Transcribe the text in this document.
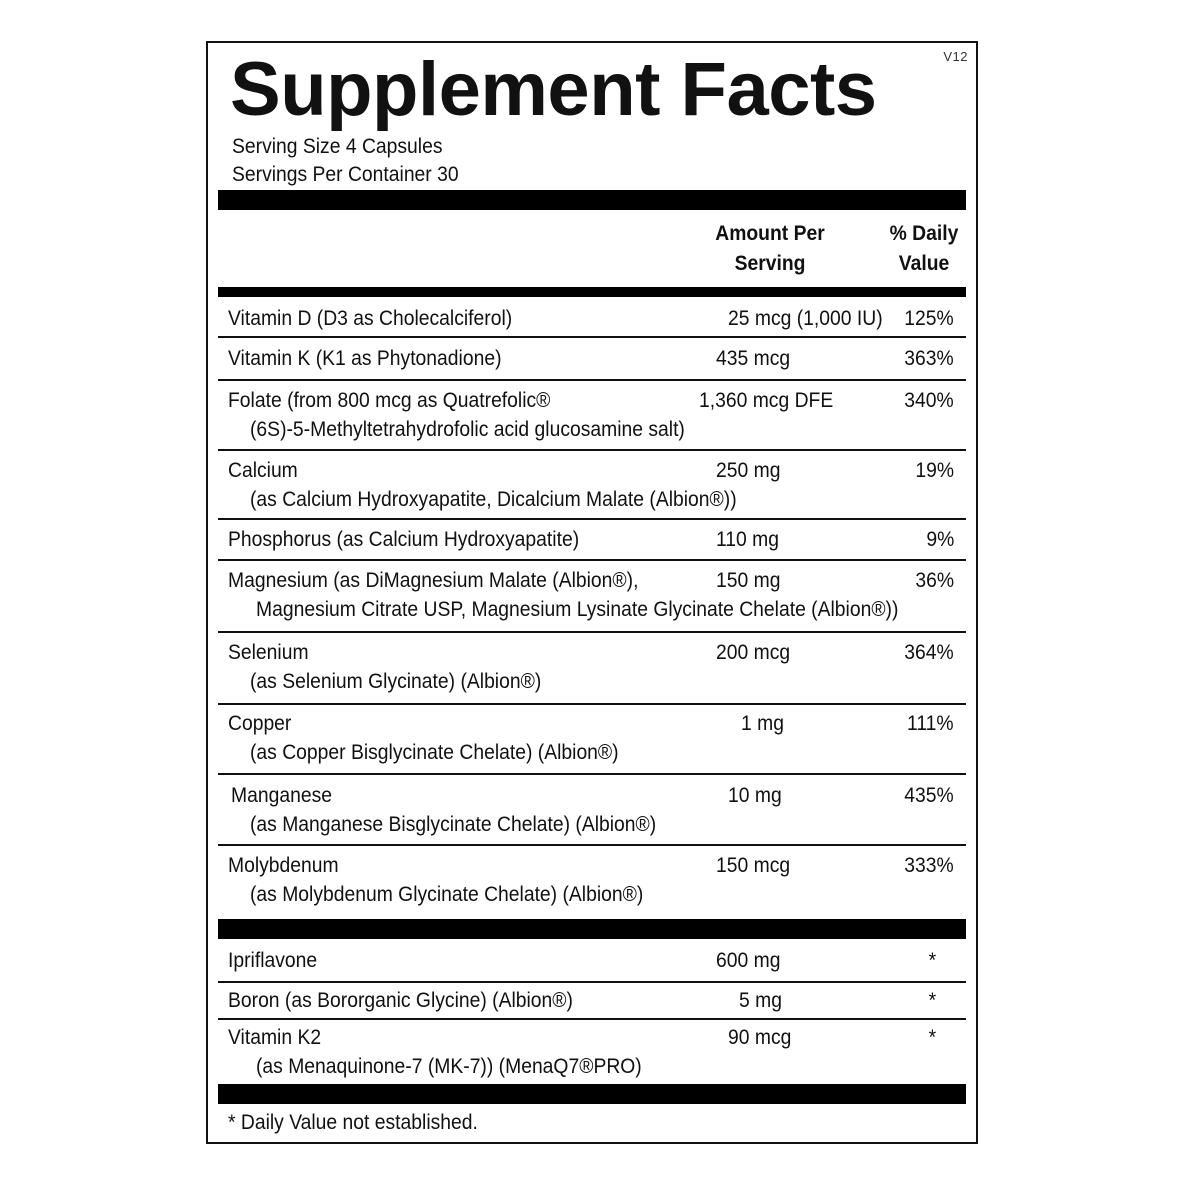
V12
Supplement Facts
Serving Size 4 Capsules
Servings Per Container 30
Amount Per
Serving
% Daily
Value
Vitamin D (D3 as Cholecalciferol)	25 mcg (1,000 IU) 125%
Vitamin K (K1 as Phytonadione)	435 mcg	363%
Folate (from 800 mcg as Quatrefolic®
(6S)-5-Methyltetrahydrofolic acid glucosamine salt)
1,360 mcg DFE	340%
Calcium
(as Calcium Hydroxyapatite, Dicalcium Malate (Albion®))
250 mg	19%
Phosphorus (as Calcium Hydroxyapatite)	110 mg	9%
Magnesium (as DiMagnesium Malate (Albion®),
Magnesium Citrate USP, Magnesium Lysinate Glycinate Chelate (Albion®))
150 mg	36%
Selenium
(as Selenium Glycinate) (Albion®)
200 mcg	364%
Copper
(as Copper Bisglycinate Chelate) (Albion®)
1 mg	111%
Manganese
(as Manganese Bisglycinate Chelate) (Albion®)
10 mg	435%
Molybdenum
(as Molybdenum Glycinate Chelate) (Albion®)
150 mcg	333%
Ipriflavone	600 mg	*
Boron (as Bororganic Glycine) (Albion®)	5 mg	*
Vitamin K2
(as Menaquinone-7 (MK-7)) (MenaQ7®PRO)
90 mcg	*
* Daily Value not established.
